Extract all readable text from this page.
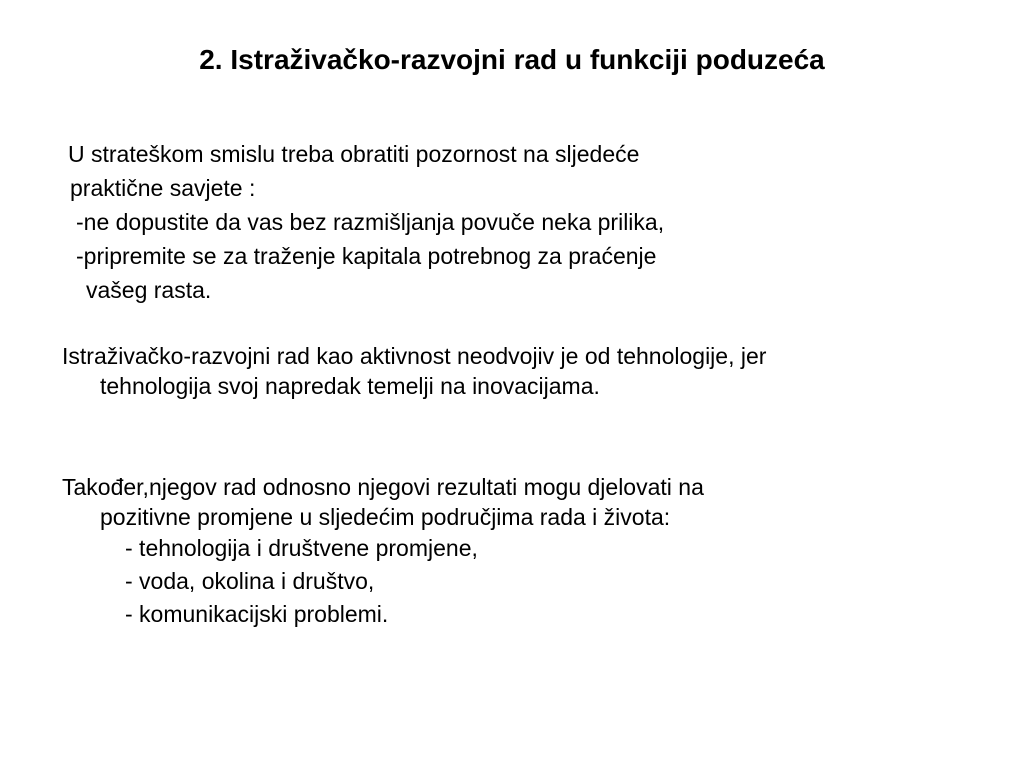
2. Istraživačko-razvojni rad u funkciji poduzeća
U strateškom smislu treba obratiti pozornost na sljedeće
praktične savjete :
-ne dopustite da vas bez razmišljanja povuče neka prilika,
-pripremite se za traženje kapitala potrebnog za praćenje
vašeg rasta.
Istraživačko-razvojni rad kao aktivnost neodvojiv je od tehnologije, jer
tehnologija svoj napredak temelji na inovacijama.
Također,njegov rad odnosno njegovi rezultati mogu djelovati na
pozitivne promjene u sljedećim područjima rada i života:
- tehnologija i društvene promjene,
- voda, okolina i društvo,
- komunikacijski problemi.
